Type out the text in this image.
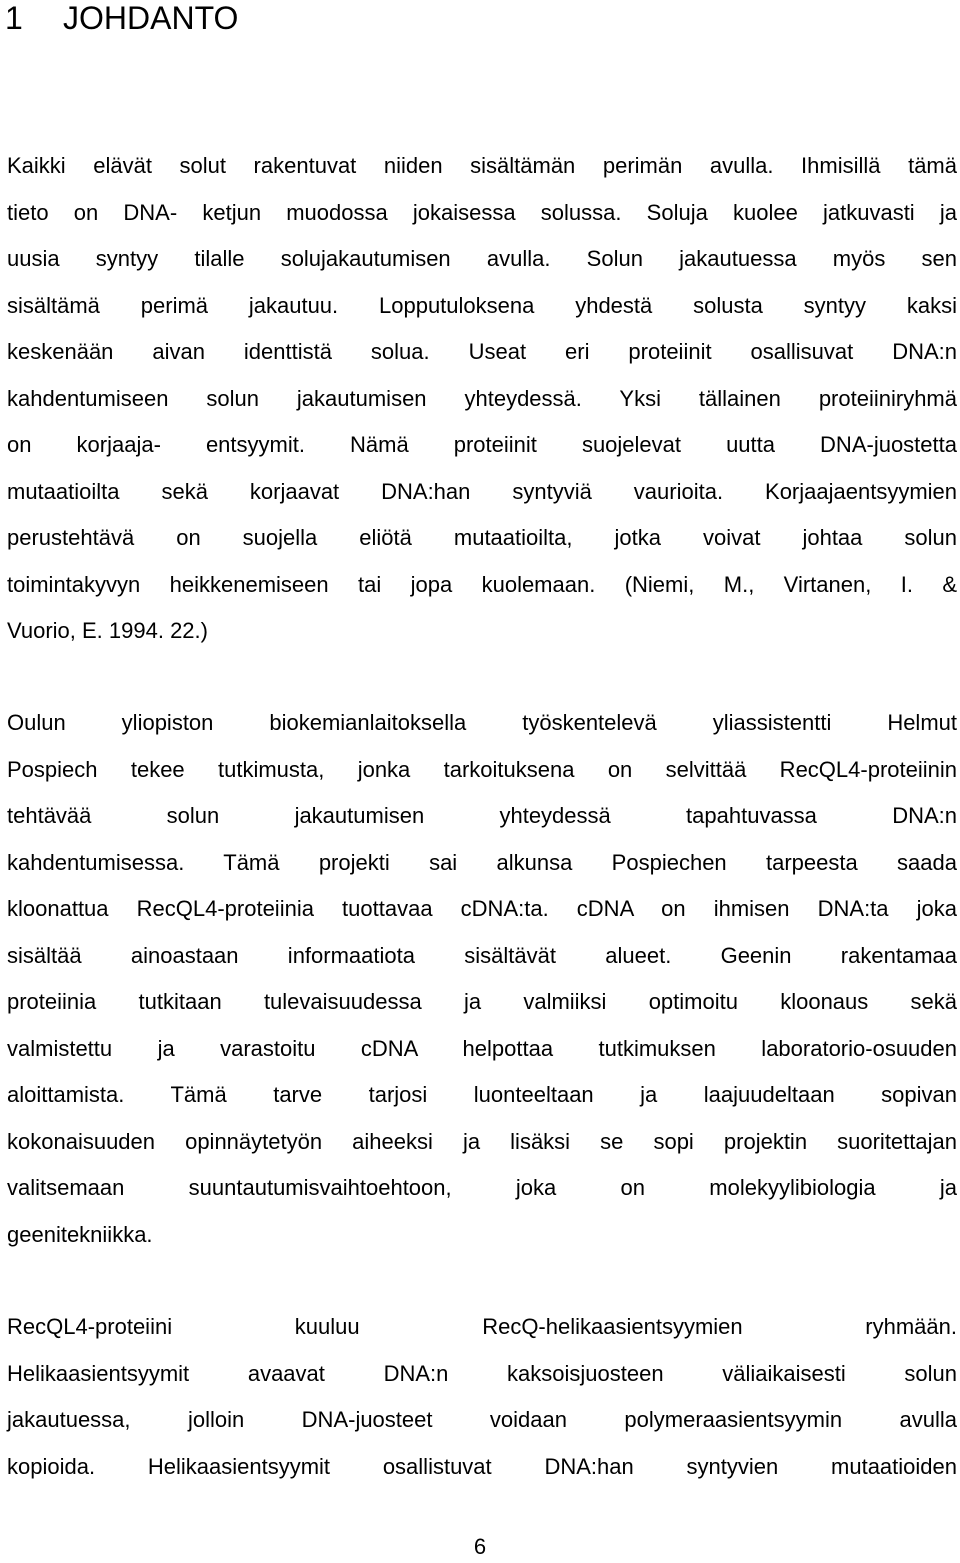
1 JOHDANTO
Kaikki elävät solut rakentuvat niiden sisältämän perimän avulla. Ihmisillä tämä
tieto on DNA- ketjun muodossa jokaisessa solussa. Soluja kuolee jatkuvasti ja
uusia syntyy tilalle solujakautumisen avulla. Solun jakautuessa myös sen
sisältämä perimä jakautuu. Lopputuloksena yhdestä solusta syntyy kaksi
keskenään aivan identtistä solua. Useat eri proteiinit osallisuvat DNA:n
kahdentumiseen solun jakautumisen yhteydessä. Yksi tällainen proteiiniryhmä
on korjaaja- entsyymit. Nämä proteiinit suojelevat uutta DNA-juostetta
mutaatioilta sekä korjaavat DNA:han syntyviä vaurioita. Korjaajaentsyymien
perustehtävä on suojella eliötä mutaatioilta, jotka voivat johtaa solun
toimintakyvyn heikkenemiseen tai jopa kuolemaan. (Niemi, M., Virtanen, I. &
Vuorio, E. 1994. 22.)
Oulun yliopiston biokemianlaitoksella työskentelevä yliassistentti Helmut
Pospiech tekee tutkimusta, jonka tarkoituksena on selvittää RecQL4-proteiinin
tehtävää solun jakautumisen yhteydessä tapahtuvassa DNA:n
kahdentumisessa. Tämä projekti sai alkunsa Pospiechen tarpeesta saada
kloonattua RecQL4-proteiinia tuottavaa cDNA:ta. cDNA on ihmisen DNA:ta joka
sisältää ainoastaan informaatiota sisältävät alueet. Geenin rakentamaa
proteiinia tutkitaan tulevaisuudessa ja valmiiksi optimoitu kloonaus sekä
valmistettu ja varastoitu cDNA helpottaa tutkimuksen laboratorio-osuuden
aloittamista. Tämä tarve tarjosi luonteeltaan ja laajuudeltaan sopivan
kokonaisuuden opinnäytetyön aiheeksi ja lisäksi se sopi projektin suoritettajan
valitsemaan suuntautumisvaihtoehtoon, joka on molekyylibiologia ja
geenitekniikka.
RecQL4-proteiini kuuluu RecQ-helikaasientsyymien ryhmään.
Helikaasientsyymit avaavat DNA:n kaksoisjuosteen väliaikaisesti solun
jakautuessa, jolloin DNA-juosteet voidaan polymeraasientsyymin avulla
kopioida. Helikaasientsyymit osallistuvat DNA:han syntyvien mutaatioiden
6
